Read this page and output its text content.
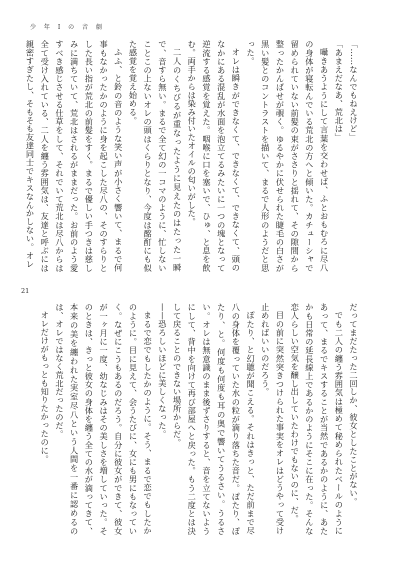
少 年 Ⅰ の 音 劇

「……なんでもねえけど」

「あまえだなあ、荒北は」

囁きあうようにして言葉を交わせば、ふとおもむろに尽八の身体が寝転んでいる荒北の方へと傾いた。カチューシャで留められていない前髪の束がささりと揺れて、その隙間から整ったかんばせが覗く。ゆるやかに伏せられた睫毛の白さが黒い髪とのコントラストを描いて、まるで人形のようだと思った。

オレは瞬きができなくて、できなくて、できなくて、頭のなかにある混乱が水面を泡立てるみたいに一つの塊となって逆流する感覚を覚えた。咽喉に口を塞いで、ひゅ、と息を飲む。両手からは染み付いたオイルの匂いがした。

二人のくちびるが重なったように見えたのはたった一瞬で、音すら無い。まるで全て幻の一コマのように、忙しないことこの上ないオレの頭はくらりとなり、今度は酩酊にも似た感覚を覚え始める。

ふふ、と鈴の音のような笑い声が小さく響いて、まるで何事もなかったかのように身を起こした尽八の、そのすらりとした長い指が荒北の前髪をすく。まるで優しい手つきは慈しみに満ちていて、荒北はされるがままだった。お前のよう愛すべき感じさせる仕草をして、それでいて荒北は尽八からは全て受け入れている、二人を纏う雰囲気は、友達と呼ぶには親密すぎたし、そもそも友達同士でキスなんかしない。オレ

21

だってまだたった二回しか、彼女としたことがない。

でも二人の纏う雰囲気は極めて秘められたベールのようにあって、まるでキスすることが当然であるかのように、あたかも日常の延長線上であるかのようにそこに在った。そんな恋人らしい空気を醸し出していたわけでもないのに、だ。

目の前に突然突きつけられた事実をオレはどうやって受け止めればいいのだろう。

ぽたり、と幻聴が聞こえる。それはきっと、ただ前まで尽八の身体を覆っていた水の粒が滴り落ちた音だ。ぽたり、ぽたり、と。何度も何度も耳の奥で響いてうるさい。うるさい。オレは無意識のまま後ずさりすると、音を立てないようにして、背中を向けて再び部屋へと戻った。もう二度とは決して戻ることのできない場所からだ。

——恐ろしいほどに美しくなった。

まるで恋でもしたかのように。そう、まるで恋でもしたかのように。目に見えて、会うたびに、女にも男にもなっていく。なぜにこうもあるのだろう。自分に彼女ができて、彼女が一ヶ月に一度、幼なじみはその美しさを増していった。そのときは、きっと彼女の身体を纏う全ての水が滴ってきて、本来の美を纏われた実室尽八という人間を一番に認めるのは、オレではなく荒北だったのだ。

オレだけがもっとも知りたかったのに。
